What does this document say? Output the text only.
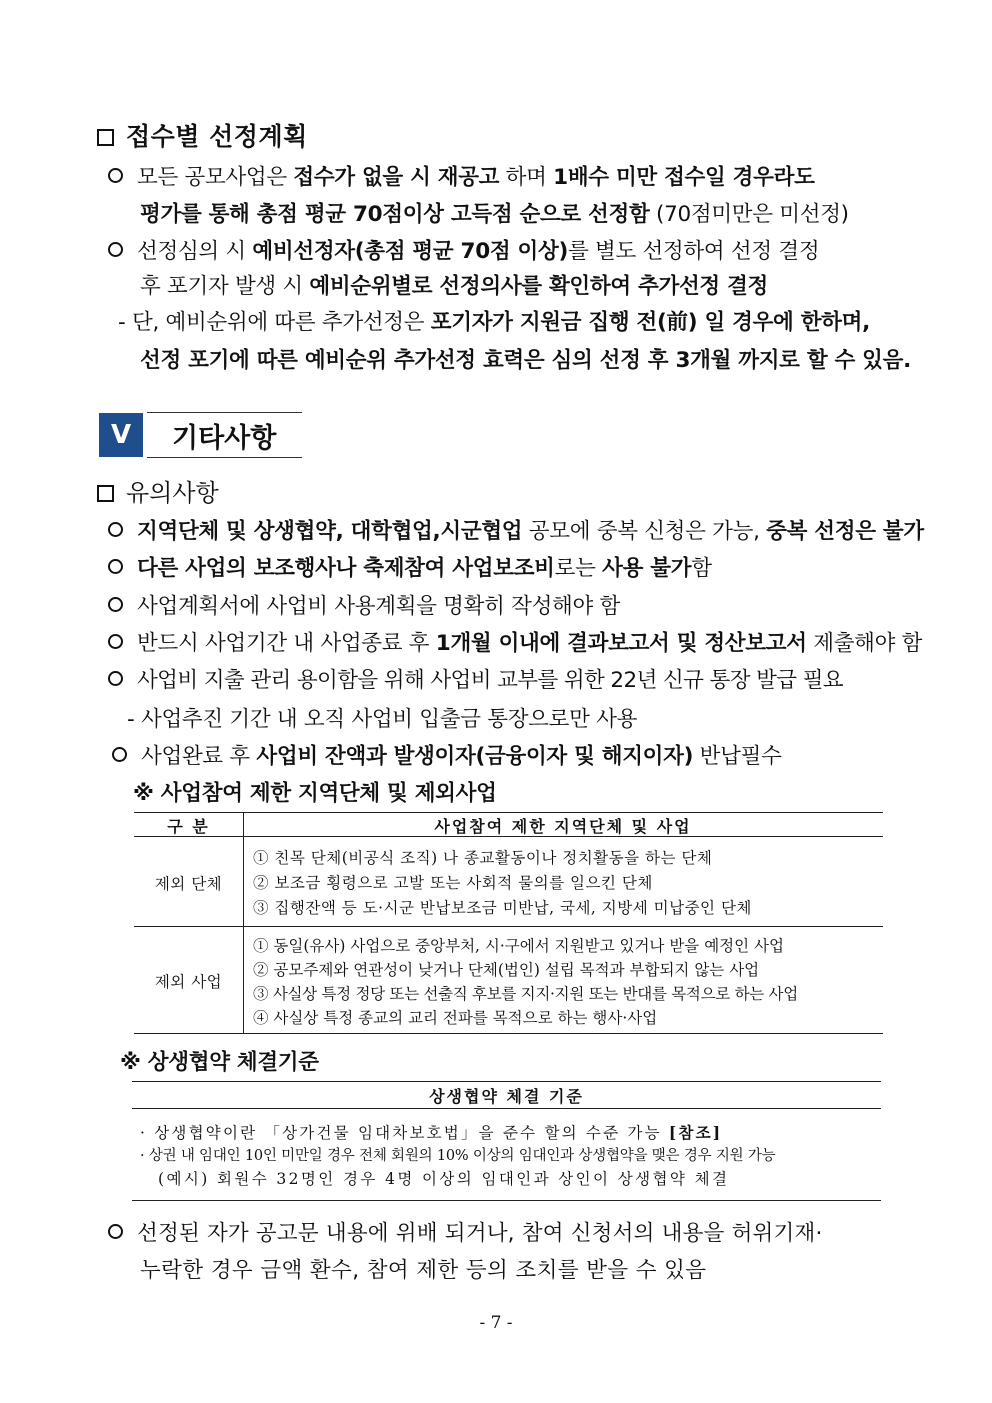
접수별 선정계획
모든 공모사업은 접수가 없을 시 재공고 하며 1배수 미만 접수일 경우라도
평가를 통해 총점 평균 70점이상 고득점 순으로 선정함 (70점미만은 미선정)
선정심의 시 예비선정자(총점 평균 70점 이상)를 별도 선정하여 선정 결정
후 포기자 발생 시 예비순위별로 선정의사를 확인하여 추가선정 결정
- 단, 예비순위에 따른 추가선정은 포기자가 지원금 집행 전(前) 일 경우에 한하며,
선정 포기에 따른 예비순위 추가선정 효력은 심의 선정 후 3개월 까지로 할 수 있음.
V	기타사항
유의사항
지역단체 및 상생협약, 대학협업,시군협업 공모에 중복 신청은 가능, 중복 선정은 불가
다른 사업의 보조행사나 축제참여 사업보조비로는 사용 불가함
사업계획서에 사업비 사용계획을 명확히 작성해야 함
반드시 사업기간 내 사업종료 후 1개월 이내에 결과보고서 및 정산보고서 제출해야 함
사업비 지출 관리 용이함을 위해 사업비 교부를 위한 22년 신규 통장 발급 필요
- 사업추진 기간 내 오직 사업비 입출금 통장으로만 사용
사업완료 후 사업비 잔액과 발생이자(금융이자 및 해지이자) 반납필수
※ 사업참여 제한 지역단체 및 제외사업
구 분	사업참여 제한 지역단체 및 사업
제외 단체
① 친목 단체(비공식 조직) 나 종교활동이나 정치활동을 하는 단체
② 보조금 횡령으로 고발 또는 사회적 물의를 일으킨 단체
③ 집행잔액 등 도·시군 반납보조금 미반납, 국세, 지방세 미납중인 단체
제외 사업
① 동일(유사) 사업으로 중앙부처, 시·구에서 지원받고 있거나 받을 예정인 사업
② 공모주제와 연관성이 낮거나 단체(법인) 설립 목적과 부합되지 않는 사업
③ 사실상 특정 정당 또는 선출직 후보를 지지·지원 또는 반대를 목적으로 하는 사업
④ 사실상 특정 종교의 교리 전파를 목적으로 하는 행사·사업
※ 상생협약 체결기준
상생협약 체결 기준
· 상생협약이란 「상가건물 임대차보호법」을 준수 할의 수준 가능 [참조]
· 상권 내 임대인 10인 미만일 경우 전체 회원의 10% 이상의 임대인과 상생협약을 맺은 경우 지원 가능
(예시) 회원수 32명인 경우 4명 이상의 임대인과 상인이 상생협약 체결
선정된 자가 공고문 내용에 위배 되거나, 참여 신청서의 내용을 허위기재·
누락한 경우 금액 환수, 참여 제한 등의 조치를 받을 수 있음
- 7 -
